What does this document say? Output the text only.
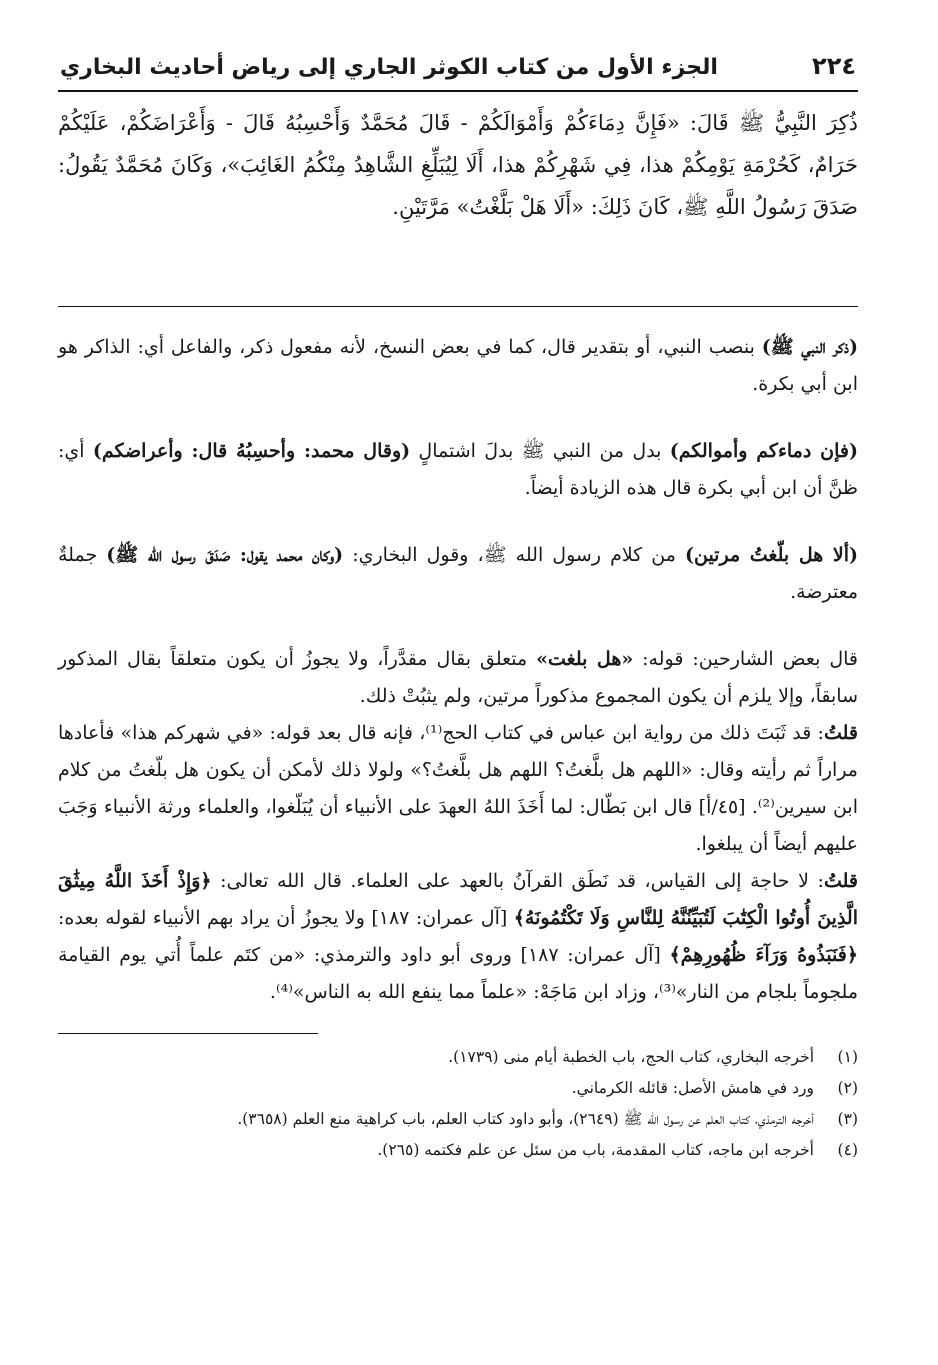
٢٢٤
الجزء الأول من كتاب الكوثر الجاري إلى رياض أحاديث البخاري

ذُكِرَ النَّبِيُّ ﷺ قَالَ: «فَإِنَّ دِمَاءَكُمْ وَأَمْوَالَكُمْ - قَالَ مُحَمَّدٌ وَأَحْسِبُهُ قَالَ - وَأَعْرَاضَكُمْ، عَلَيْكُمْ حَرَامٌ، كَحُرْمَةِ يَوْمِكُمْ هذا، فِي شَهْرِكُمْ هذا، أَلَا لِيُبَلِّغِ الشَّاهِدُ مِنْكُمُ الغَائِبَ»، وَكَانَ مُحَمَّدٌ يَقُولُ: صَدَقَ رَسُولُ اللَّهِ ﷺ، كَانَ ذَلِكَ: «أَلَا هَلْ بَلَّغْتُ» مَرَّتَيْنِ.

(ذكر النبي ﷺ) بنصب النبي، أو بتقدير قال، كما في بعض النسخ، لأنه مفعول ذكر، والفاعل أي: الذاكر هو ابن أبي بكرة.

(فإن دماءكم وأموالكم) بدل من النبي ﷺ بدلَ اشتمالٍ (وقال محمد: وأحسِبُهُ قال: وأعراضكم) أي: ظنَّ أن ابن أبي بكرة قال هذه الزيادة أيضاً.

(ألا هل بلّغتُ مرتين) من كلام رسول الله ﷺ، وقول البخاري: (وكان محمد يقول: صَدَقَ رسول الله ﷺ) جملةٌ معترضة.

قال بعض الشارحين: قوله: «هل بلغت» متعلق بقال مقدَّراً، ولا يجوزُ أن يكون متعلقاً بقال المذكور سابقاً، وإلا يلزم أن يكون المجموع مذكوراً مرتين، ولم يثبُتْ ذلك.
قلتُ: قد ثَبَتَ ذلك من رواية ابن عباس في كتاب الحج⁽¹⁾، فإنه قال بعد قوله: «في شهركم هذا» فأعادها مراراً ثم رأيته وقال: «اللهم هل بلَّغتُ؟ اللهم هل بلَّغتُ؟» ولولا ذلك لأمكن أن يكون هل بلّغتُ من كلام ابن سيرين⁽²⁾. [٤٥/أ] قال ابن بَطّال: لما أَخَذَ اللهُ العهدَ على الأنبياء أن يُبَلّغوا، والعلماء ورثة الأنبياء وَجَبَ عليهم أيضاً أن يبلغوا.
قلتُ: لا حاجة إلى القياس، قد نَطَق القرآنُ بالعهد على العلماء. قال الله تعالى: ﴿وَإِذْ أَخَذَ اللَّهُ مِيثَٰقَ الَّذِينَ أُوتُوا الْكِتَٰبَ لَتُبَيِّنُنَّهُ لِلنَّاسِ وَلَا تَكْتُمُونَهُ﴾ [آل عمران: ١٨٧] ولا يجوزُ أن يراد بهم الأنبياء لقوله بعده: ﴿فَنَبَذُوهُ وَرَآءَ ظُهُورِهِمْ﴾ [آل عمران: ١٨٧] وروى أبو داود والترمذي: «من كتَم علماً أُتي يوم القيامة ملجوماً بلجام من النار»⁽³⁾، وزاد ابن مَاجَهْ: «علماً مما ينفع الله به الناس»⁽⁴⁾.

(١)
أخرجه البخاري، كتاب الحج، باب الخطبة أيام منى (١٧٣٩).
(٢)
ورد في هامش الأصل: قائله الكرماني.
(٣)
أخرجه الترمذي، كتاب العلم عن رسول الله ﷺ (٢٦٤٩)، وأبو داود كتاب العلم، باب كراهية منع العلم (٣٦٥٨).
(٤)
أخرجه ابن ماجه، كتاب المقدمة، باب من سئل عن علم فكتمه (٢٦٥).
